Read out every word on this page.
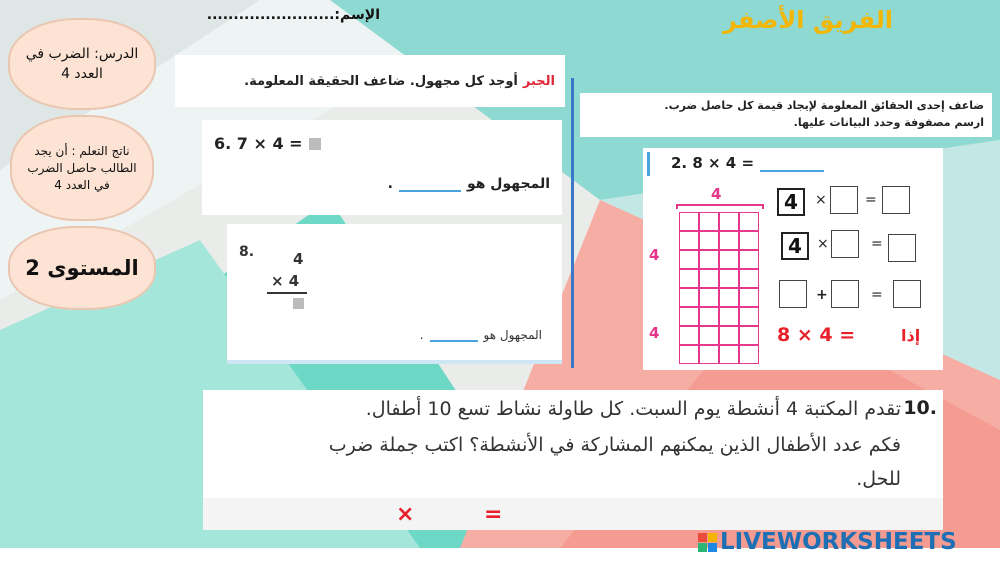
الإسم:
........................	الفريق الأصفر
الدرس: الضرب في العدد 4
ناتج التعلم : أن يجد الطالب حاصل الضرب في العدد 4
المستوى 2
الجبر
أوجد كل مجهول. ضاعف الحقيقة المعلومة.
6. 7 × 4 =
المجهول هو
.
8.	4
× 4
المجهول هو
.
ضاعف إحدى الحقائق المعلومة لإيجاد قيمة كل حاصل ضرب.
ارسم مصفوفة وحدد البيانات عليها.
2. 8 × 4 =
4
4
4
4	×	=
4	×	=
+	=
8 × 4 =	إذا
10.
تقدم المكتبة 4 أنشطة يوم السبت. كل طاولة نشاط تسع 10 أطفال.
فكم عدد الأطفال الذين يمكنهم المشاركة في الأنشطة؟ اكتب جملة ضرب
للحل.
×	=
LIVEWORKSHEETS
